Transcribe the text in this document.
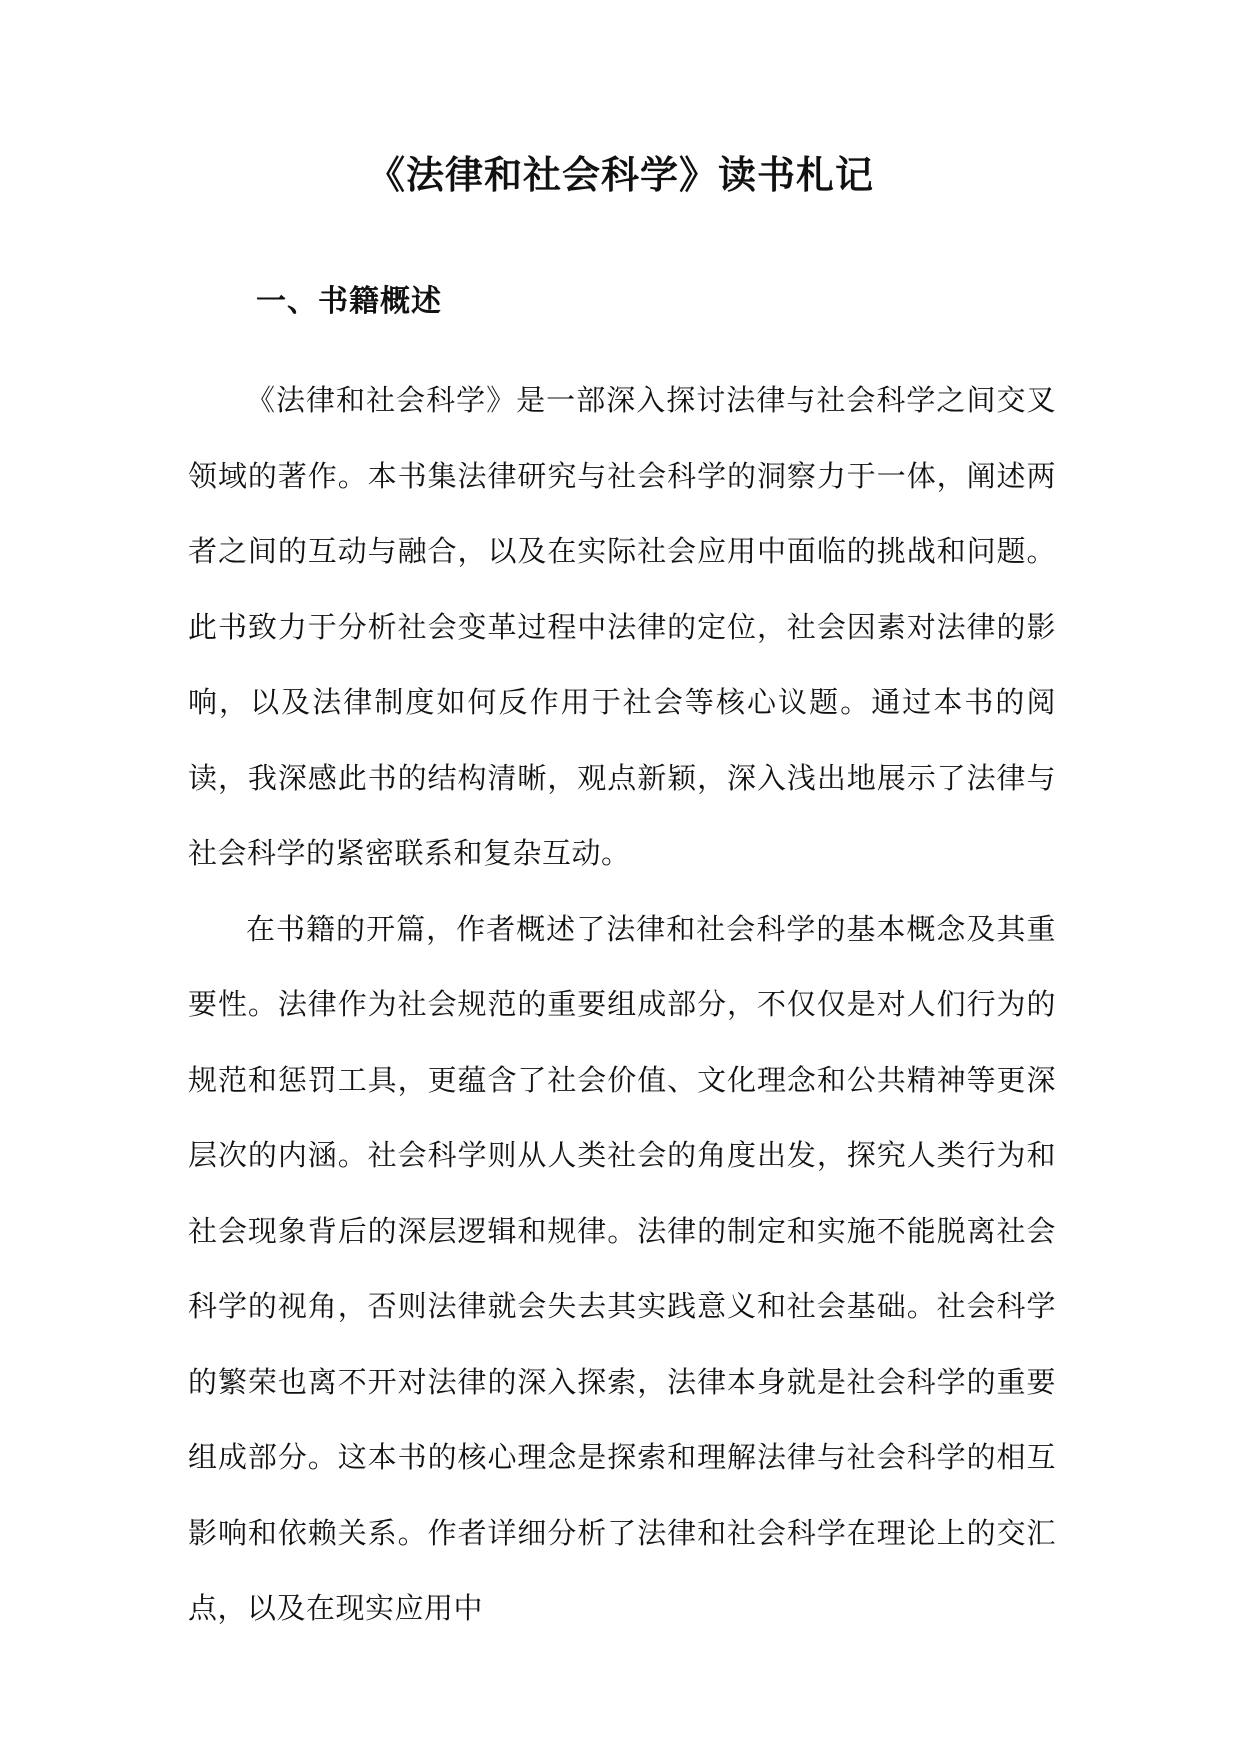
《法律和社会科学》读书札记
一、书籍概述

《法律和社会科学》是一部深入探讨法律与社会科学之间交叉领域的著作。本书集法律研究与社会科学的洞察力于一体，阐述两者之间的互动与融合，以及在实际社会应用中面临的挑战和问题。此书致力于分析社会变革过程中法律的定位，社会因素对法律的影响，以及法律制度如何反作用于社会等核心议题。通过本书的阅读，我深感此书的结构清晰，观点新颖，深入浅出地展示了法律与社会科学的紧密联系和复杂互动。

在书籍的开篇，作者概述了法律和社会科学的基本概念及其重要性。法律作为社会规范的重要组成部分，不仅仅是对人们行为的规范和惩罚工具，更蕴含了社会价值、文化理念和公共精神等更深层次的内涵。社会科学则从人类社会的角度出发，探究人类行为和社会现象背后的深层逻辑和规律。法律的制定和实施不能脱离社会科学的视角，否则法律就会失去其实践意义和社会基础。社会科学的繁荣也离不开对法律的深入探索，法律本身就是社会科学的重要组成部分。这本书的核心理念是探索和理解法律与社会科学的相互影响和依赖关系。作者详细分析了法律和社会科学在理论上的交汇点，以及在现实应用中
